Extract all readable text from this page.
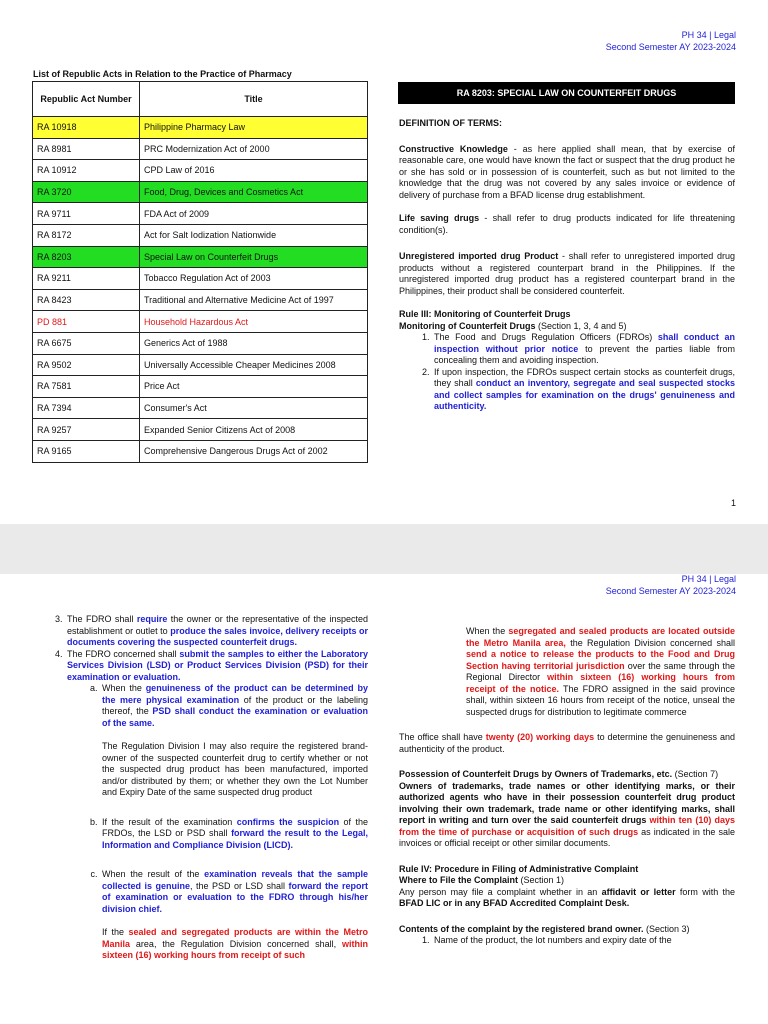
PH 34 | Legal
Second Semester AY 2023-2024
List of Republic Acts in Relation to the Practice of Pharmacy
Republic Act Number	Title
RA 10918	Philippine Pharmacy Law
RA 8981	PRC Modernization Act of 2000
RA 10912	CPD Law of 2016
RA 3720	Food, Drug, Devices and Cosmetics Act
RA 9711	FDA Act of 2009
RA 8172	Act for Salt Iodization Nationwide
RA 8203	Special Law on Counterfeit Drugs
RA 9211	Tobacco Regulation Act of 2003
RA 8423	Traditional and Alternative Medicine Act of 1997
PD 881	Household Hazardous Act
RA 6675	Generics Act of 1988
RA 9502	Universally Accessible Cheaper Medicines 2008
RA 7581	Price Act
RA 7394	Consumer's Act
RA 9257	Expanded Senior Citizens Act of 2008
RA 9165	Comprehensive Dangerous Drugs Act of 2002
RA 8203: SPECIAL LAW ON COUNTERFEIT DRUGS

DEFINITION OF TERMS:

Constructive Knowledge - as here applied shall mean, that by exercise of reasonable care, one would have known the fact or suspect that the drug product he or she has sold or in possession of is counterfeit, such as but not limited to the knowledge that the drug was not covered by any sales invoice or evidence of delivery of purchase from a BFAD license drug establishment.

Life saving drugs - shall refer to drug products indicated for life threatening condition(s).

Unregistered imported drug Product - shall refer to unregistered imported drug products without a registered counterpart brand in the Philippines. If the unregistered imported drug product has a registered counterpart brand in the Philippines, their product shall be considered counterfeit.

Rule III: Monitoring of Counterfeit Drugs

Monitoring of Counterfeit Drugs (Section 1, 3, 4 and 5)

1. The Food and Drugs Regulation Officers (FDROs) shall conduct an inspection without prior notice to prevent the parties liable from concealing them and avoiding inspection.
2. If upon inspection, the FDROs suspect certain stocks as counterfeit drugs, they shall conduct an inventory, segregate and seal suspected stocks and collect samples for examination on the drugs' genuineness and authenticity.
1
PH 34 | Legal
Second Semester AY 2023-2024
3. The FDRO shall require the owner or the representative of the inspected establishment or outlet to produce the sales invoice, delivery receipts or documents covering the suspected counterfeit drugs.
4. The FDRO concerned shall submit the samples to either the Laboratory Services Division (LSD) or Product Services Division (PSD) for their examination or evaluation.
a. When the genuineness of the product can be determined by the mere physical examination of the product or the labeling thereof, the PSD shall conduct the examination or evaluation of the same.

The Regulation Division I may also require the registered brand-owner of the suspected counterfeit drug to certify whether or not the suspected drug product has been manufactured, imported and/or distributed by them; or whether they own the Lot Number and Expiry Date of the same suspected drug product

b. If the result of the examination confirms the suspicion of the FRDOs, the LSD or PSD shall forward the result to the Legal, Information and Compliance Division (LICD).
c. When the result of the examination reveals that the sample collected is genuine, the PSD or LSD shall forward the report of examination or evaluation to the FDRO through his/her division chief.

If the sealed and segregated products are within the Metro Manila area, the Regulation Division concerned shall, within sixteen (16) working hours from receipt of such

When the segregated and sealed products are located outside the Metro Manila area, the Regulation Division concerned shall send a notice to release the products to the Food and Drug Section having territorial jurisdiction over the same through the Regional Director within sixteen (16) working hours from receipt of the notice. The FDRO assigned in the said province shall, within sixteen 16 hours from receipt of the notice, unseal the suspected drugs for distribution to legitimate commerce

The office shall have twenty (20) working days to determine the genuineness and authenticity of the product.

Possession of Counterfeit Drugs by Owners of Trademarks, etc. (Section 7)

Owners of trademarks, trade names or other identifying marks, or their authorized agents who have in their possession counterfeit drug product involving their own trademark, trade name or other identifying marks, shall report in writing and turn over the said counterfeit drugs within ten (10) days from the time of purchase or acquisition of such drugs as indicated in the sale invoices or official receipt or other similar documents.

Rule IV: Procedure in Filing of Administrative Complaint

Where to File the Complaint (Section 1)

Any person may file a complaint whether in an affidavit or letter form with the BFAD LIC or in any BFAD Accredited Complaint Desk.

Contents of the complaint by the registered brand owner. (Section 3)

1. Name of the product, the lot numbers and expiry date of the
